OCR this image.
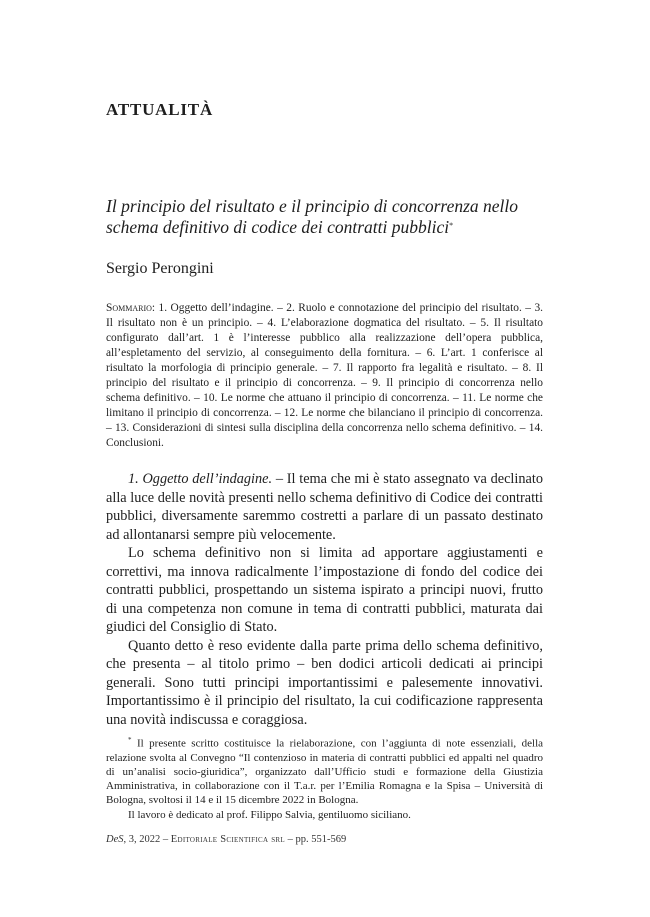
ATTUALITÀ
Il principio del risultato e il principio di concorrenza nello schema definitivo di codice dei contratti pubblici*
Sergio Perongini
Sommario: 1. Oggetto dell’indagine. – 2. Ruolo e connotazione del principio del risultato. – 3. Il risultato non è un principio. – 4. L’elaborazione dogmatica del risultato. – 5. Il risultato configurato dall’art. 1 è l’interesse pubblico alla realizzazione dell’opera pubblica, all’espletamento del servizio, al conseguimento della fornitura. – 6. L’art. 1 conferisce al risultato la morfologia di principio generale. – 7. Il rapporto fra legalità e risultato. – 8. Il principio del risultato e il principio di concorrenza. – 9. Il principio di concorrenza nello schema definitivo. – 10. Le norme che attuano il principio di concorrenza. – 11. Le norme che limitano il principio di concorrenza. – 12. Le norme che bilanciano il principio di concorrenza. – 13. Considerazioni di sintesi sulla disciplina della concorrenza nello schema definitivo. – 14. Conclusioni.

1. Oggetto dell’indagine. – Il tema che mi è stato assegnato va declinato alla luce delle novità presenti nello schema definitivo di Codice dei contratti pubblici, diversamente saremmo costretti a parlare di un passato destinato ad allontanarsi sempre più velocemente.

Lo schema definitivo non si limita ad apportare aggiustamenti e correttivi, ma innova radicalmente l’impostazione di fondo del codice dei contratti pubblici, prospettando un sistema ispirato a principi nuovi, frutto di una competenza non comune in tema di contratti pubblici, maturata dai giudici del Consiglio di Stato.

Quanto detto è reso evidente dalla parte prima dello schema definitivo, che presenta – al titolo primo – ben dodici articoli dedicati ai principi generali. Sono tutti principi importantissimi e palesemente innovativi. Importantissimo è il principio del risultato, la cui codificazione rappresenta una novità indiscussa e coraggiosa.

* Il presente scritto costituisce la rielaborazione, con l’aggiunta di note essenziali, della relazione svolta al Convegno “Il contenzioso in materia di contratti pubblici ed appalti nel quadro di un’analisi socio-giuridica”, organizzato dall’Ufficio studi e formazione della Giustizia Amministrativa, in collaborazione con il T.a.r. per l’Emilia Romagna e la Spisa – Università di Bologna, svoltosi il 14 e il 15 dicembre 2022 in Bologna.

Il lavoro è dedicato al prof. Filippo Salvia, gentiluomo siciliano.

DeS, 3, 2022 – Editoriale Scientifica srl – pp. 551-569
